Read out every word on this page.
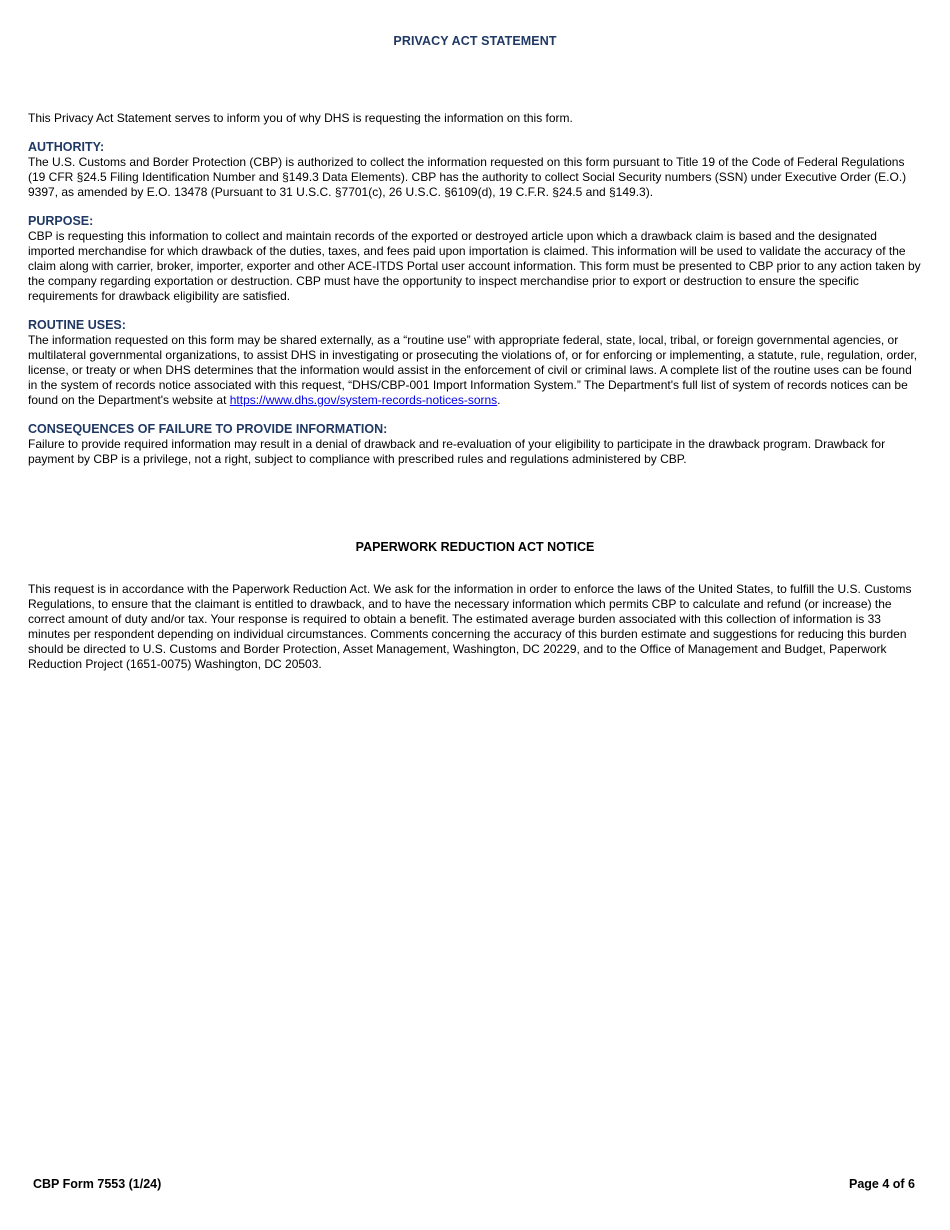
PRIVACY ACT STATEMENT

This Privacy Act Statement serves to inform you of why DHS is requesting the information on this form.

AUTHORITY:

The U.S. Customs and Border Protection (CBP) is authorized to collect the information requested on this form pursuant to Title 19 of the Code of Federal Regulations (19 CFR §24.5 Filing Identification Number and §149.3 Data Elements). CBP has the authority to collect Social Security numbers (SSN) under Executive Order (E.O.) 9397, as amended by E.O. 13478 (Pursuant to 31 U.S.C. §7701(c), 26 U.S.C. §6109(d), 19 C.F.R. §24.5 and §149.3).

PURPOSE:

CBP is requesting this information to collect and maintain records of the exported or destroyed article upon which a drawback claim is based and the designated imported merchandise for which drawback of the duties, taxes, and fees paid upon importation is claimed. This information will be used to validate the accuracy of the claim along with carrier, broker, importer, exporter and other ACE-ITDS Portal user account information. This form must be presented to CBP prior to any action taken by the company regarding exportation or destruction. CBP must have the opportunity to inspect merchandise prior to export or destruction to ensure the specific requirements for drawback eligibility are satisfied.

ROUTINE USES:

The information requested on this form may be shared externally, as a “routine use” with appropriate federal, state, local, tribal, or foreign governmental agencies, or multilateral governmental organizations, to assist DHS in investigating or prosecuting the violations of, or for enforcing or implementing, a statute, rule, regulation, order, license, or treaty or when DHS determines that the information would assist in the enforcement of civil or criminal laws. A complete list of the routine uses can be found in the system of records notice associated with this request, “DHS/CBP-001 Import Information System.” The Department's full list of system of records notices can be found on the Department's website at https://www.dhs.gov/system-records-notices-sorns.

CONSEQUENCES OF FAILURE TO PROVIDE INFORMATION:

Failure to provide required information may result in a denial of drawback and re-evaluation of your eligibility to participate in the drawback program. Drawback for payment by CBP is a privilege, not a right, subject to compliance with prescribed rules and regulations administered by CBP.

PAPERWORK REDUCTION ACT NOTICE

This request is in accordance with the Paperwork Reduction Act. We ask for the information in order to enforce the laws of the United States, to fulfill the U.S. Customs Regulations, to ensure that the claimant is entitled to drawback, and to have the necessary information which permits CBP to calculate and refund (or increase) the correct amount of duty and/or tax. Your response is required to obtain a benefit. The estimated average burden associated with this collection of information is 33 minutes per respondent depending on individual circumstances. Comments concerning the accuracy of this burden estimate and suggestions for reducing this burden should be directed to U.S. Customs and Border Protection, Asset Management, Washington, DC 20229, and to the Office of Management and Budget, Paperwork Reduction Project (1651-0075) Washington, DC 20503.

CBP Form 7553 (1/24)	Page 4 of 6
